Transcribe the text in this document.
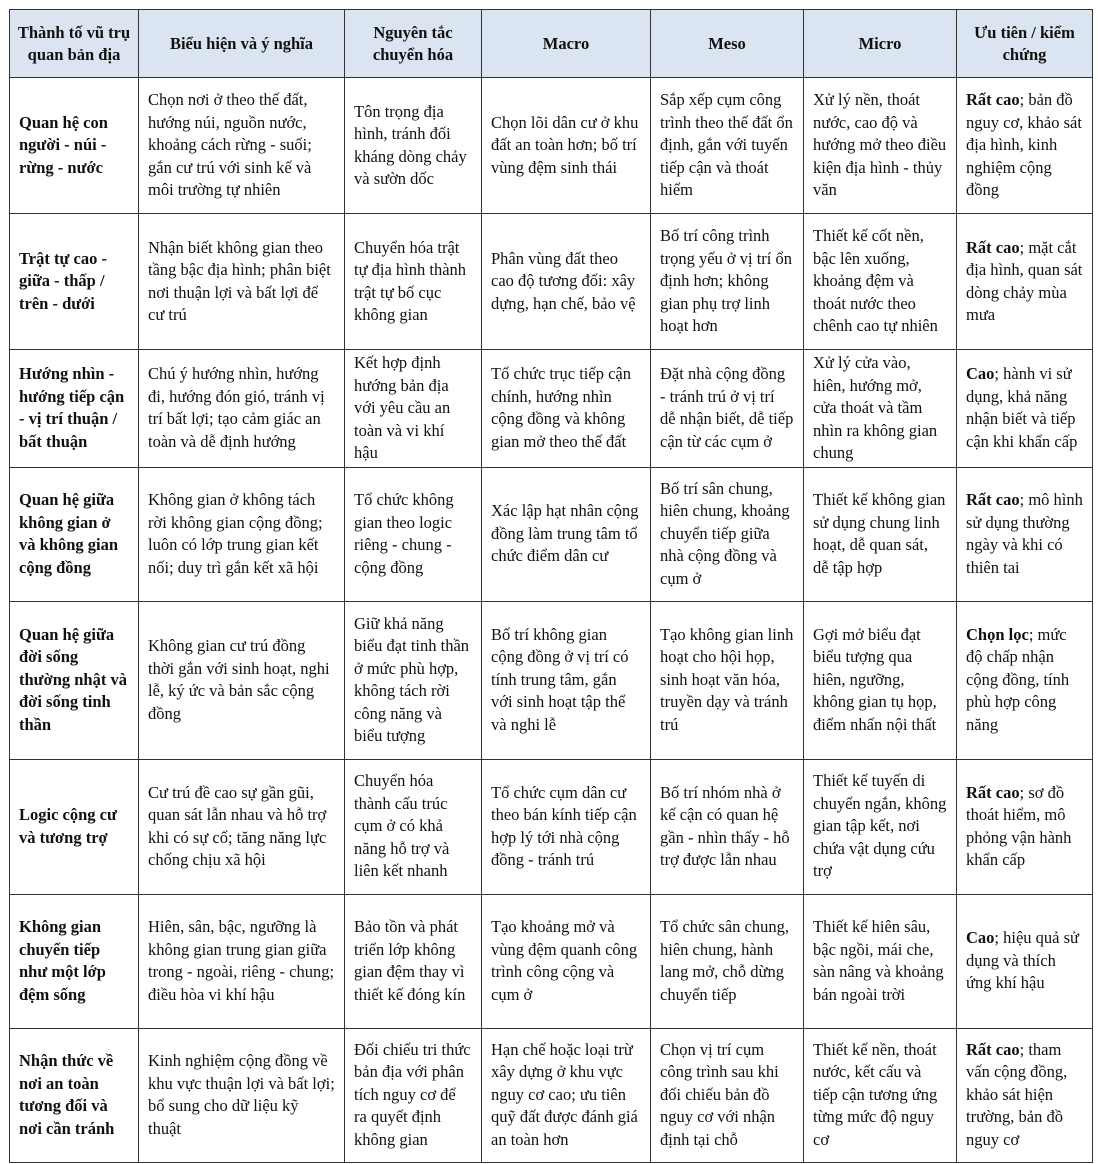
Thành tố vũ trụ quan bản địa	Biểu hiện và ý nghĩa	Nguyên tắc chuyển hóa	Macro	Meso	Micro	Ưu tiên / kiểm chứng
Quan hệ con người - núi - rừng - nước	Chọn nơi ở theo thế đất, hướng núi, nguồn nước, khoảng cách rừng - suối; gắn cư trú với sinh kế và môi trường tự nhiên	Tôn trọng địa hình, tránh đối kháng dòng chảy và sườn dốc	Chọn lõi dân cư ở khu đất an toàn hơn; bố trí vùng đệm sinh thái	Sắp xếp cụm công trình theo thế đất ổn định, gắn với tuyến tiếp cận và thoát hiểm	Xử lý nền, thoát nước, cao độ và hướng mở theo điều kiện địa hình - thủy văn	Rất cao; bản đồ nguy cơ, khảo sát địa hình, kinh nghiệm cộng đồng
Trật tự cao - giữa - thấp / trên - dưới	Nhận biết không gian theo tầng bậc địa hình; phân biệt nơi thuận lợi và bất lợi để cư trú	Chuyển hóa trật tự địa hình thành trật tự bố cục không gian	Phân vùng đất theo cao độ tương đối: xây dựng, hạn chế, bảo vệ	Bố trí công trình trọng yếu ở vị trí ổn định hơn; không gian phụ trợ linh hoạt hơn	Thiết kế cốt nền, bậc lên xuống, khoảng đệm và thoát nước theo chênh cao tự nhiên	Rất cao; mặt cắt địa hình, quan sát dòng chảy mùa mưa
Hướng nhìn - hướng tiếp cận - vị trí thuận / bất thuận	Chú ý hướng nhìn, hướng đi, hướng đón gió, tránh vị trí bất lợi; tạo cảm giác an toàn và dễ định hướng	Kết hợp định hướng bản địa với yêu cầu an toàn và vi khí hậu	Tổ chức trục tiếp cận chính, hướng nhìn cộng đồng và không gian mở theo thế đất	Đặt nhà cộng đồng - tránh trú ở vị trí dễ nhận biết, dễ tiếp cận từ các cụm ở	Xử lý cửa vào, hiên, hướng mở, cửa thoát và tầm nhìn ra không gian chung	Cao; hành vi sử dụng, khả năng nhận biết và tiếp cận khi khẩn cấp
Quan hệ giữa không gian ở và không gian cộng đồng	Không gian ở không tách rời không gian cộng đồng; luôn có lớp trung gian kết nối; duy trì gắn kết xã hội	Tổ chức không gian theo logic riêng - chung - cộng đồng	Xác lập hạt nhân cộng đồng làm trung tâm tổ chức điểm dân cư	Bố trí sân chung, hiên chung, khoảng chuyển tiếp giữa nhà cộng đồng và cụm ở	Thiết kế không gian sử dụng chung linh hoạt, dễ quan sát, dễ tập hợp	Rất cao; mô hình sử dụng thường ngày và khi có thiên tai
Quan hệ giữa đời sống thường nhật và đời sống tinh thần	Không gian cư trú đồng thời gắn với sinh hoạt, nghi lễ, ký ức và bản sắc cộng đồng	Giữ khả năng biểu đạt tinh thần ở mức phù hợp, không tách rời công năng và biểu tượng	Bố trí không gian cộng đồng ở vị trí có tính trung tâm, gắn với sinh hoạt tập thể và nghi lễ	Tạo không gian linh hoạt cho hội họp, sinh hoạt văn hóa, truyền dạy và tránh trú	Gợi mở biểu đạt biểu tượng qua hiên, ngưỡng, không gian tụ họp, điểm nhấn nội thất	Chọn lọc; mức độ chấp nhận cộng đồng, tính phù hợp công năng
Logic cộng cư và tương trợ	Cư trú đề cao sự gần gũi, quan sát lẫn nhau và hỗ trợ khi có sự cố; tăng năng lực chống chịu xã hội	Chuyển hóa thành cấu trúc cụm ở có khả năng hỗ trợ và liên kết nhanh	Tổ chức cụm dân cư theo bán kính tiếp cận hợp lý tới nhà cộng đồng - tránh trú	Bố trí nhóm nhà ở kế cận có quan hệ gần - nhìn thấy - hỗ trợ được lẫn nhau	Thiết kế tuyến di chuyển ngắn, không gian tập kết, nơi chứa vật dụng cứu trợ	Rất cao; sơ đồ thoát hiểm, mô phỏng vận hành khẩn cấp
Không gian chuyển tiếp như một lớp đệm sống	Hiên, sân, bậc, ngưỡng là không gian trung gian giữa trong - ngoài, riêng - chung; điều hòa vi khí hậu	Bảo tồn và phát triển lớp không gian đệm thay vì thiết kế đóng kín	Tạo khoảng mở và vùng đệm quanh công trình công cộng và cụm ở	Tổ chức sân chung, hiên chung, hành lang mở, chỗ dừng chuyển tiếp	Thiết kế hiên sâu, bậc ngồi, mái che, sàn nâng và khoảng bán ngoài trời	Cao; hiệu quả sử dụng và thích ứng khí hậu
Nhận thức về nơi an toàn tương đối và nơi cần tránh	Kinh nghiệm cộng đồng về khu vực thuận lợi và bất lợi; bổ sung cho dữ liệu kỹ thuật	Đối chiếu tri thức bản địa với phân tích nguy cơ để ra quyết định không gian	Hạn chế hoặc loại trừ xây dựng ở khu vực nguy cơ cao; ưu tiên quỹ đất được đánh giá an toàn hơn	Chọn vị trí cụm công trình sau khi đối chiếu bản đồ nguy cơ với nhận định tại chỗ	Thiết kế nền, thoát nước, kết cấu và tiếp cận tương ứng từng mức độ nguy cơ	Rất cao; tham vấn cộng đồng, khảo sát hiện trường, bản đồ nguy cơ
